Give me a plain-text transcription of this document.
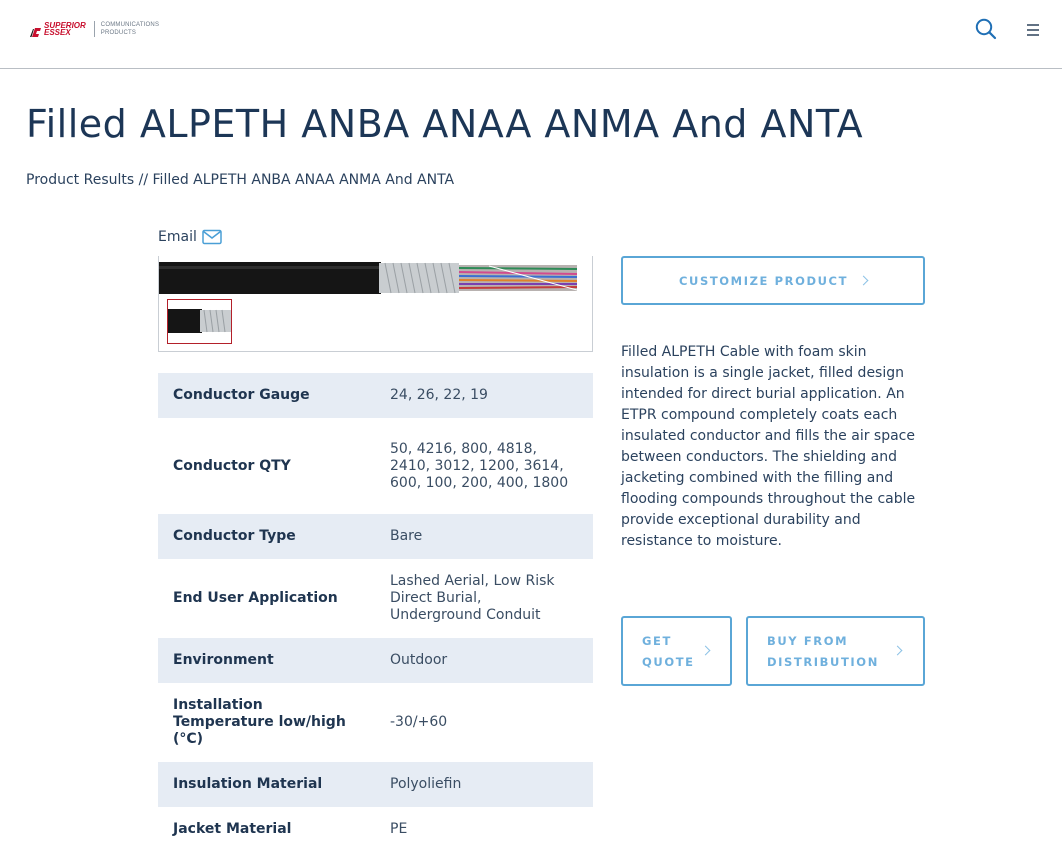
SUPERIOR
ESSEX
COMMUNICATIONS
PRODUCTS
Filled ALPETH ANBA ANAA ANMA And ANTA
Product Results // Filled ALPETH ANBA ANAA ANMA And ANTA
Email
Conductor Gauge	24, 26, 22, 19
Conductor QTY	50, 4216, 800, 4818, 2410, 3012, 1200, 3614, 600, 100, 200, 400, 1800
Conductor Type	Bare
End User Application	Lashed Aerial, Low Risk Direct Burial, Underground Conduit
Environment	Outdoor
Installation Temperature low/high (°C)	-30/+60
Insulation Material	Polyoliefin
Jacket Material	PE
CUSTOMIZE PRODUCT

Filled ALPETH Cable with foam skin insulation is a single jacket, filled design intended for direct burial application. An ETPR compound completely coats each insulated conductor and fills the air space between conductors. The shielding and jacketing combined with the filling and flooding compounds throughout the cable provide exceptional durability and resistance to moisture.

GET
QUOTE
BUY FROM
DISTRIBUTION
